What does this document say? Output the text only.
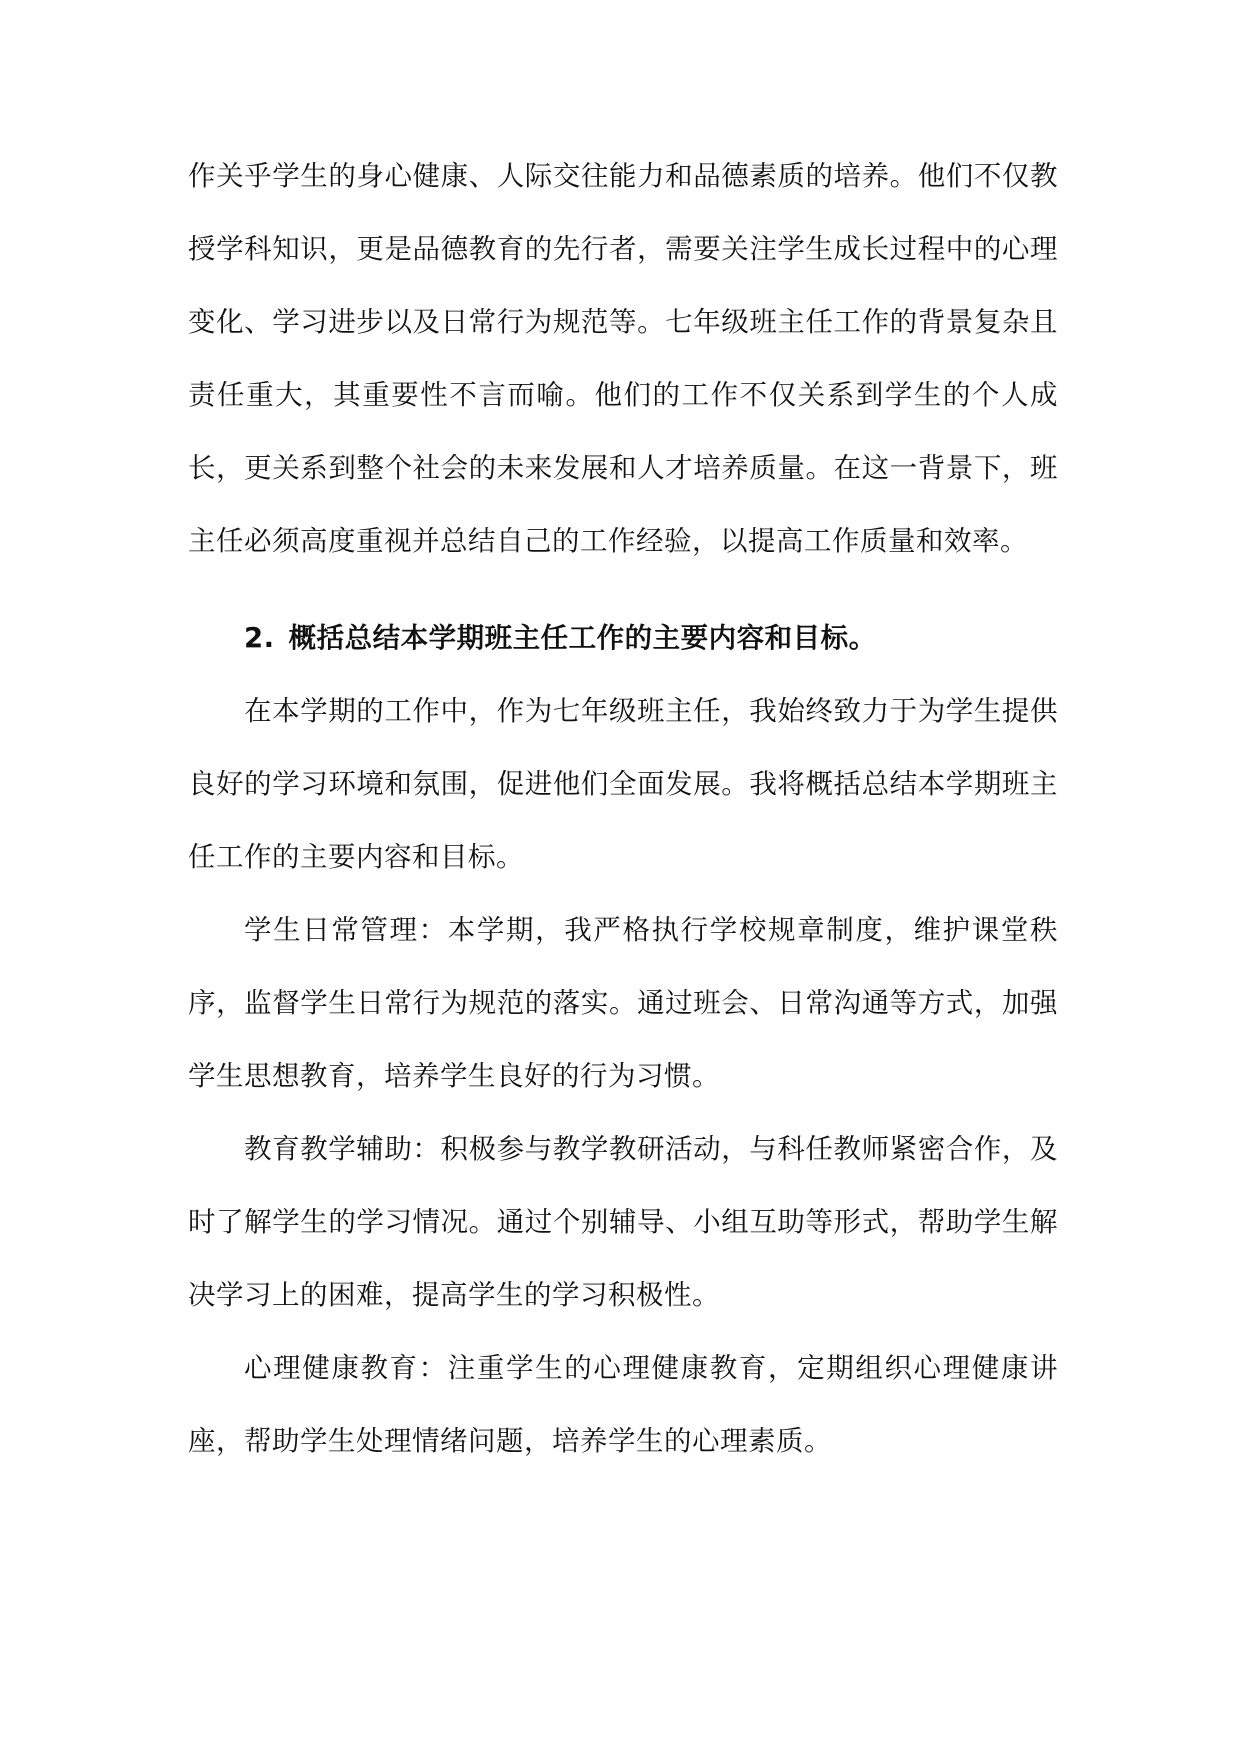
作关乎学生的身心健康、人际交往能力和品德素质的培养。他们不仅教授学科知识，更是品德教育的先行者，需要关注学生成长过程中的心理变化、学习进步以及日常行为规范等。七年级班主任工作的背景复杂且责任重大，其重要性不言而喻。他们的工作不仅关系到学生的个人成长，更关系到整个社会的未来发展和人才培养质量。在这一背景下，班主任必须高度重视并总结自己的工作经验，以提高工作质量和效率。

2. 概括总结本学期班主任工作的主要内容和目标。

在本学期的工作中，作为七年级班主任，我始终致力于为学生提供良好的学习环境和氛围，促进他们全面发展。我将概括总结本学期班主任工作的主要内容和目标。

学生日常管理：本学期，我严格执行学校规章制度，维护课堂秩序，监督学生日常行为规范的落实。通过班会、日常沟通等方式，加强学生思想教育，培养学生良好的行为习惯。

教育教学辅助：积极参与教学教研活动，与科任教师紧密合作，及时了解学生的学习情况。通过个别辅导、小组互助等形式，帮助学生解决学习上的困难，提高学生的学习积极性。

心理健康教育：注重学生的心理健康教育，定期组织心理健康讲座，帮助学生处理情绪问题，培养学生的心理素质。
